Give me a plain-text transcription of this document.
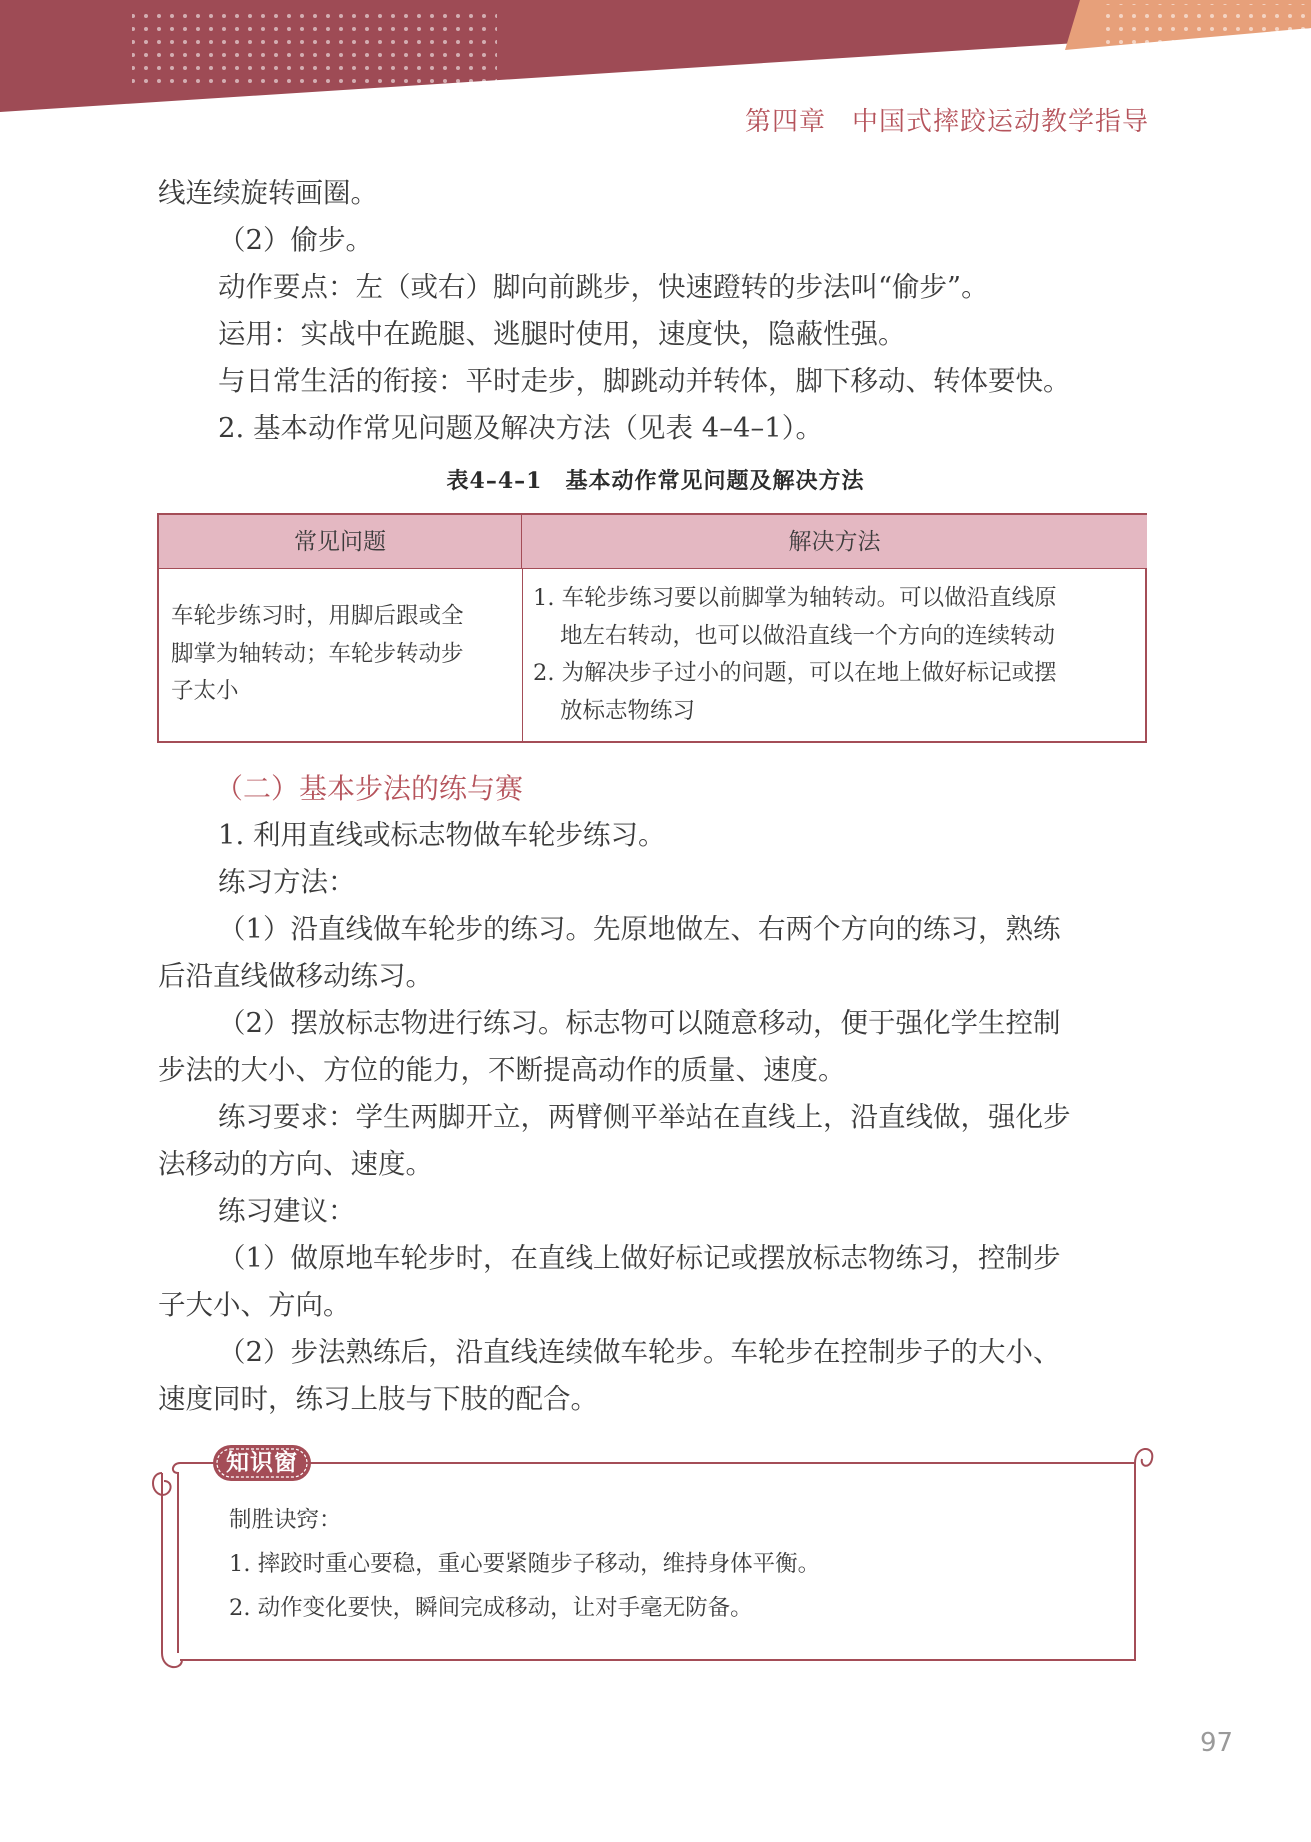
第四章 中国式摔跤运动教学指导
线连续旋转画圈。
（2）偷步。
动作要点：左（或右）脚向前跳步，快速蹬转的步法叫“偷步”。
运用：实战中在跪腿、逃腿时使用，速度快，隐蔽性强。
与日常生活的衔接：平时走步，脚跳动并转体，脚下移动、转体要快。
2. 基本动作常见问题及解决方法（见表 4–4–1）。
表4–4–1　基本动作常见问题及解决方法
常见问题	解决方法
车轮步练习时，用脚后跟或全
脚掌为轴转动；车轮步转动步
子太小
1. 车轮步练习要以前脚掌为轴转动。可以做沿直线原
地左右转动，也可以做沿直线一个方向的连续转动
2. 为解决步子过小的问题，可以在地上做好标记或摆
放标志物练习
（二）基本步法的练与赛
1. 利用直线或标志物做车轮步练习。
练习方法：
（1）沿直线做车轮步的练习。先原地做左、右两个方向的练习，熟练
后沿直线做移动练习。
（2）摆放标志物进行练习。标志物可以随意移动，便于强化学生控制
步法的大小、方位的能力，不断提高动作的质量、速度。
练习要求：学生两脚开立，两臂侧平举站在直线上，沿直线做，强化步
法移动的方向、速度。
练习建议：
（1）做原地车轮步时，在直线上做好标记或摆放标志物练习，控制步
子大小、方向。
（2）步法熟练后，沿直线连续做车轮步。车轮步在控制步子的大小、
速度同时，练习上肢与下肢的配合。
知识窗
制胜诀窍：
1. 摔跤时重心要稳，重心要紧随步子移动，维持身体平衡。
2. 动作变化要快，瞬间完成移动，让对手毫无防备。
97
